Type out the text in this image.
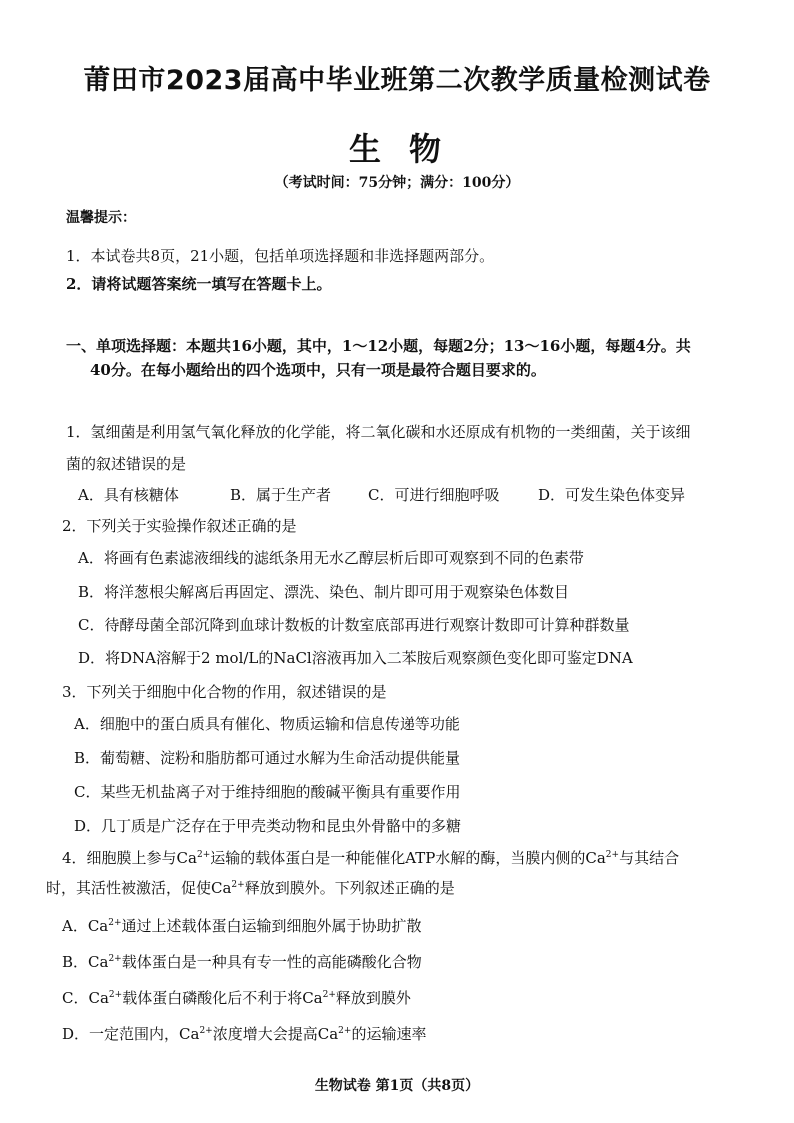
莆田市2023届高中毕业班第二次教学质量检测试卷
生物
（考试时间：75分钟；满分：100分）
温馨提示：
1．本试卷共8页，21小题，包括单项选择题和非选择题两部分。
2．请将试题答案统一填写在答题卡上。
一、单项选择题：本题共16小题，其中，1～12小题，每题2分；13～16小题，每题4分。共
40分。在每小题给出的四个选项中，只有一项是最符合题目要求的。
1．氢细菌是利用氢气氧化释放的化学能，将二氧化碳和水还原成有机物的一类细菌，关于该细
菌的叙述错误的是
A．具有核糖体	B．属于生产者 C．可进行细胞呼吸	D．可发生染色体变异
2．下列关于实验操作叙述正确的是
A．将画有色素滤液细线的滤纸条用无水乙醇层析后即可观察到不同的色素带
B．将洋葱根尖解离后再固定、漂洗、染色、制片即可用于观察染色体数目
C．待酵母菌全部沉降到血球计数板的计数室底部再进行观察计数即可计算种群数量
D．将DNA溶解于2 mol/L的NaCl溶液再加入二苯胺后观察颜色变化即可鉴定DNA
3．下列关于细胞中化合物的作用，叙述错误的是
A．细胞中的蛋白质具有催化、物质运输和信息传递等功能
B．葡萄糖、淀粉和脂肪都可通过水解为生命活动提供能量
C．某些无机盐离子对于维持细胞的酸碱平衡具有重要作用
D．几丁质是广泛存在于甲壳类动物和昆虫外骨骼中的多糖
4．细胞膜上参与$Ca^{2+}$运输的载体蛋白是一种能催化ATP水解的酶，当膜内侧的$Ca^{2+}$与其结合
时，其活性被激活，促使$Ca^{2+}$释放到膜外。下列叙述正确的是
A．$Ca^{2+}$通过上述载体蛋白运输到细胞外属于协助扩散
B．$Ca^{2+}$载体蛋白是一种具有专一性的高能磷酸化合物
C．$Ca^{2+}$载体蛋白磷酸化后不利于将$Ca^{2+}$释放到膜外
D．一定范围内，$Ca^{2+}$浓度增大会提高$Ca^{2+}$的运输速率
生物试卷 第1页（共8页）
